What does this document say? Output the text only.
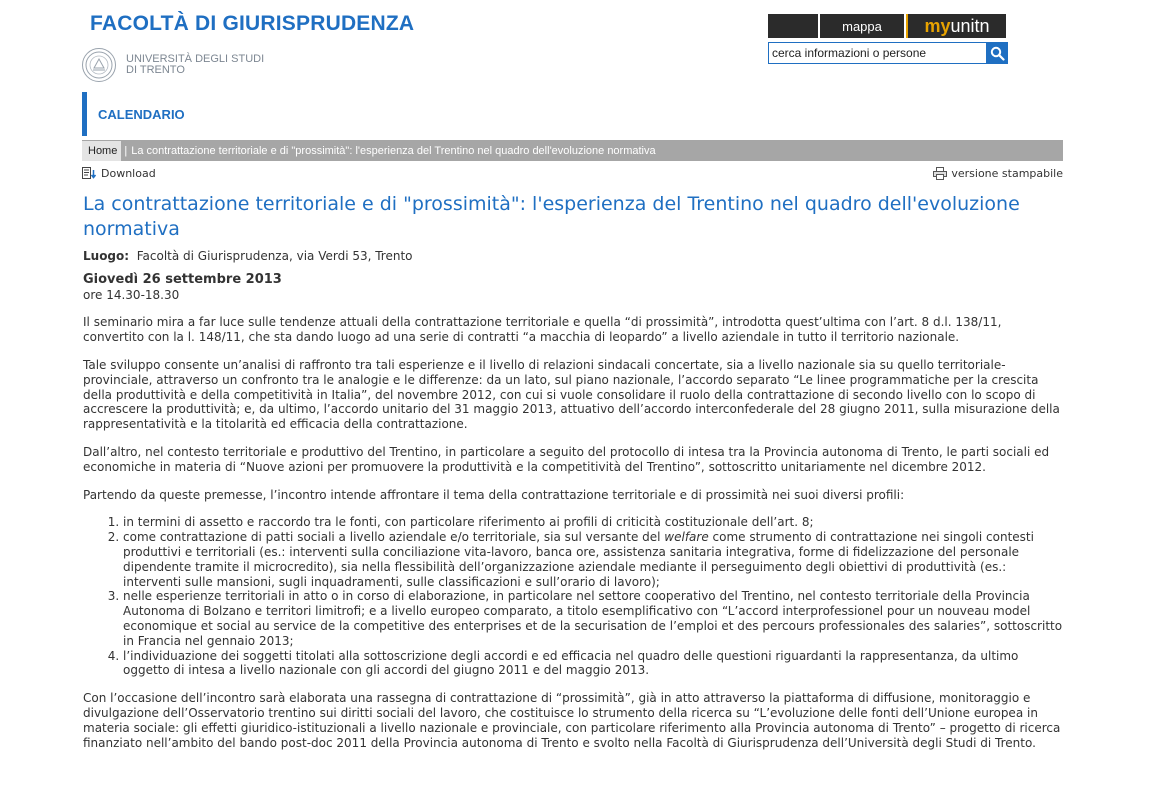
FACOLTÀ DI GIURISPRUDENZA
UNIVERSITÀ DEGLI STUDI
DI TRENTO
mappa	my unitn
cerca informazioni o persone
CALENDARIO
Home | La contrattazione territoriale e di "prossimità": l'esperienza del Trentino nel quadro dell'evoluzione normativa
Download	versione stampabile
La contrattazione territoriale e di "prossimità": l'esperienza del Trentino nel quadro dell'evoluzione normativa

Luogo: Facoltà di Giurisprudenza, via Verdi 53, Trento

Giovedì 26 settembre 2013
ore 14.30-18.30

Il seminario mira a far luce sulle tendenze attuali della contrattazione territoriale e quella “di prossimità”, introdotta quest’ultima con l’art. 8 d.l. 138/11, convertito con la l. 148/11, che sta dando luogo ad una serie di contratti “a macchia di leopardo” a livello aziendale in tutto il territorio nazionale.

Tale sviluppo consente un’analisi di raffronto tra tali esperienze e il livello di relazioni sindacali concertate, sia a livello nazionale sia su quello territoriale-provinciale, attraverso un confronto tra le analogie e le differenze: da un lato, sul piano nazionale, l’accordo separato “Le linee programmatiche per la crescita della produttività e della competitività in Italia”, del novembre 2012, con cui si vuole consolidare il ruolo della contrattazione di secondo livello con lo scopo di accrescere la produttività; e, da ultimo, l’accordo unitario del 31 maggio 2013, attuativo dell’accordo interconfederale del 28 giugno 2011, sulla misurazione della rappresentatività e la titolarità ed efficacia della contrattazione.

Dall’altro, nel contesto territoriale e produttivo del Trentino, in particolare a seguito del protocollo di intesa tra la Provincia autonoma di Trento, le parti sociali ed economiche in materia di “Nuove azioni per promuovere la produttività e la competitività del Trentino”, sottoscritto unitariamente nel dicembre 2012.

Partendo da queste premesse, l’incontro intende affrontare il tema della contrattazione territoriale e di prossimità nei suoi diversi profili:

1. in termini di assetto e raccordo tra le fonti, con particolare riferimento ai profili di criticità costituzionale dell’art. 8;
2. come contrattazione di patti sociali a livello aziendale e/o territoriale, sia sul versante del welfare come strumento di contrattazione nei singoli contesti produttivi e territoriali (es.: interventi sulla conciliazione vita-lavoro, banca ore, assistenza sanitaria integrativa, forme di fidelizzazione del personale dipendente tramite il microcredito), sia nella flessibilità dell’organizzazione aziendale mediante il perseguimento degli obiettivi di produttività (es.: interventi sulle mansioni, sugli inquadramenti, sulle classificazioni e sull’orario di lavoro);
3. nelle esperienze territoriali in atto o in corso di elaborazione, in particolare nel settore cooperativo del Trentino, nel contesto territoriale della Provincia Autonoma di Bolzano e territori limitrofi; e a livello europeo comparato, a titolo esemplificativo con “L’accord interprofessionel pour un nouveau model economique et social au service de la competitive des enterprises et de la securisation de l’emploi et des percours professionales des salaries”, sottoscritto in Francia nel gennaio 2013;
4. l’individuazione dei soggetti titolati alla sottoscrizione degli accordi e ed efficacia nel quadro delle questioni riguardanti la rappresentanza, da ultimo oggetto di intesa a livello nazionale con gli accordi del giugno 2011 e del maggio 2013.

Con l’occasione dell’incontro sarà elaborata una rassegna di contrattazione di “prossimità”, già in atto attraverso la piattaforma di diffusione, monitoraggio e divulgazione dell’Osservatorio trentino sui diritti sociali del lavoro, che costituisce lo strumento della ricerca su “L’evoluzione delle fonti dell’Unione europea in materia sociale: gli effetti giuridico-istituzionali a livello nazionale e provinciale, con particolare riferimento alla Provincia autonoma di Trento” – progetto di ricerca finanziato nell’ambito del bando post-doc 2011 della Provincia autonoma di Trento e svolto nella Facoltà di Giurisprudenza dell’Università degli Studi di Trento.
